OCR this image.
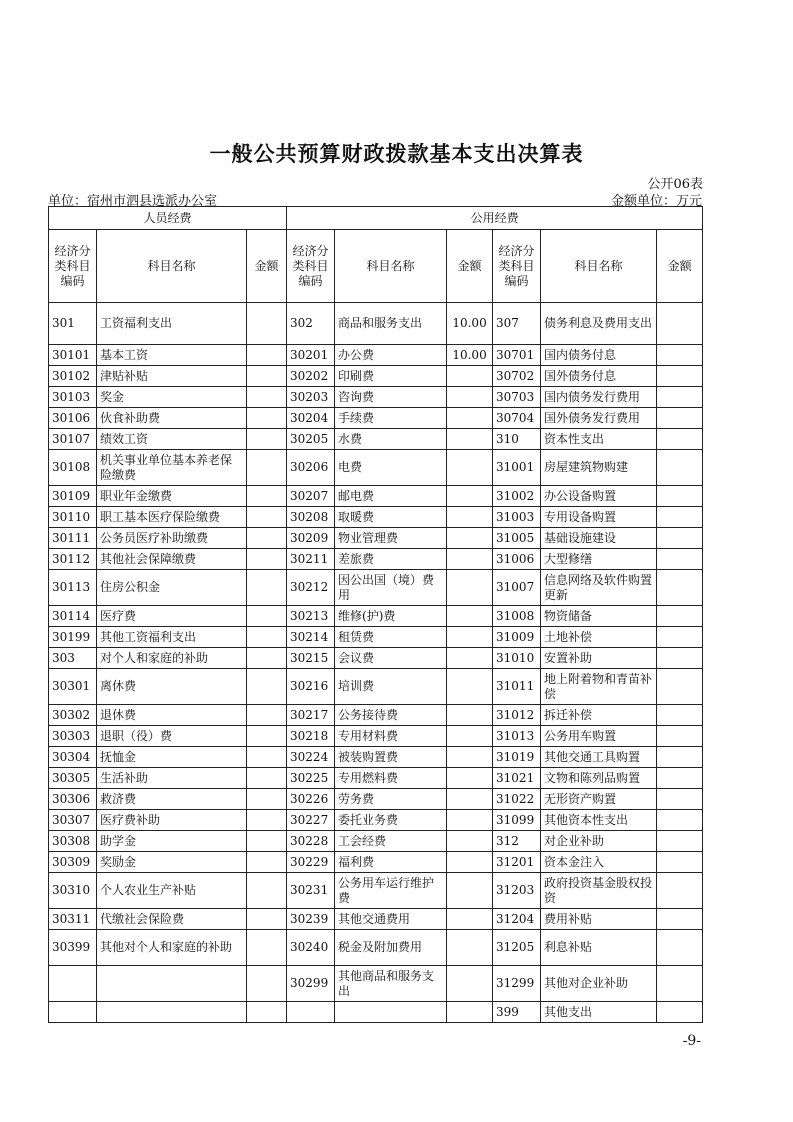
一般公共预算财政拨款基本支出决算表
公开06表
单位：宿州市泗县选派办公室	金额单位：万元
人员经费			公用经费					
经济分类科目编码	科目名称	金额	经济分类科目编码	科目名称	金额	经济分类科目编码	科目名称	金额
301	工资福利支出		302	商品和服务支出	10.00	307	债务利息及费用支出	
30101	基本工资		30201	办公费	10.00	30701	国内债务付息	
30102	津贴补贴		30202	印刷费		30702	国外债务付息	
30103	奖金		30203	咨询费		30703	国内债务发行费用	
30106	伙食补助费		30204	手续费		30704	国外债务发行费用	
30107	绩效工资		30205	水费		310	资本性支出	
30108	机关事业单位基本养老保险缴费		30206	电费		31001	房屋建筑物购建	
30109	职业年金缴费		30207	邮电费		31002	办公设备购置	
30110	职工基本医疗保险缴费		30208	取暖费		31003	专用设备购置	
30111	公务员医疗补助缴费		30209	物业管理费		31005	基础设施建设	
30112	其他社会保障缴费		30211	差旅费		31006	大型修缮	
30113	住房公积金		30212	因公出国（境）费用		31007	信息网络及软件购置更新	
30114	医疗费		30213	维修(护)费		31008	物资储备	
30199	其他工资福利支出		30214	租赁费		31009	土地补偿	
303	对个人和家庭的补助		30215	会议费		31010	安置补助	
30301	离休费		30216	培训费		31011	地上附着物和青苗补偿	
30302	退休费		30217	公务接待费		31012	拆迁补偿	
30303	退职（役）费		30218	专用材料费		31013	公务用车购置	
30304	抚恤金		30224	被装购置费		31019	其他交通工具购置	
30305	生活补助		30225	专用燃料费		31021	文物和陈列品购置	
30306	救济费		30226	劳务费		31022	无形资产购置	
30307	医疗费补助		30227	委托业务费		31099	其他资本性支出	
30308	助学金		30228	工会经费		312	对企业补助	
30309	奖励金		30229	福利费		31201	资本金注入	
30310	个人农业生产补贴		30231	公务用车运行维护费		31203	政府投资基金股权投资	
30311	代缴社会保险费		30239	其他交通费用		31204	费用补贴	
30399	其他对个人和家庭的补助		30240	税金及附加费用		31205	利息补贴	
			30299	其他商品和服务支出		31299	其他对企业补助	
						399	其他支出	
-9-
